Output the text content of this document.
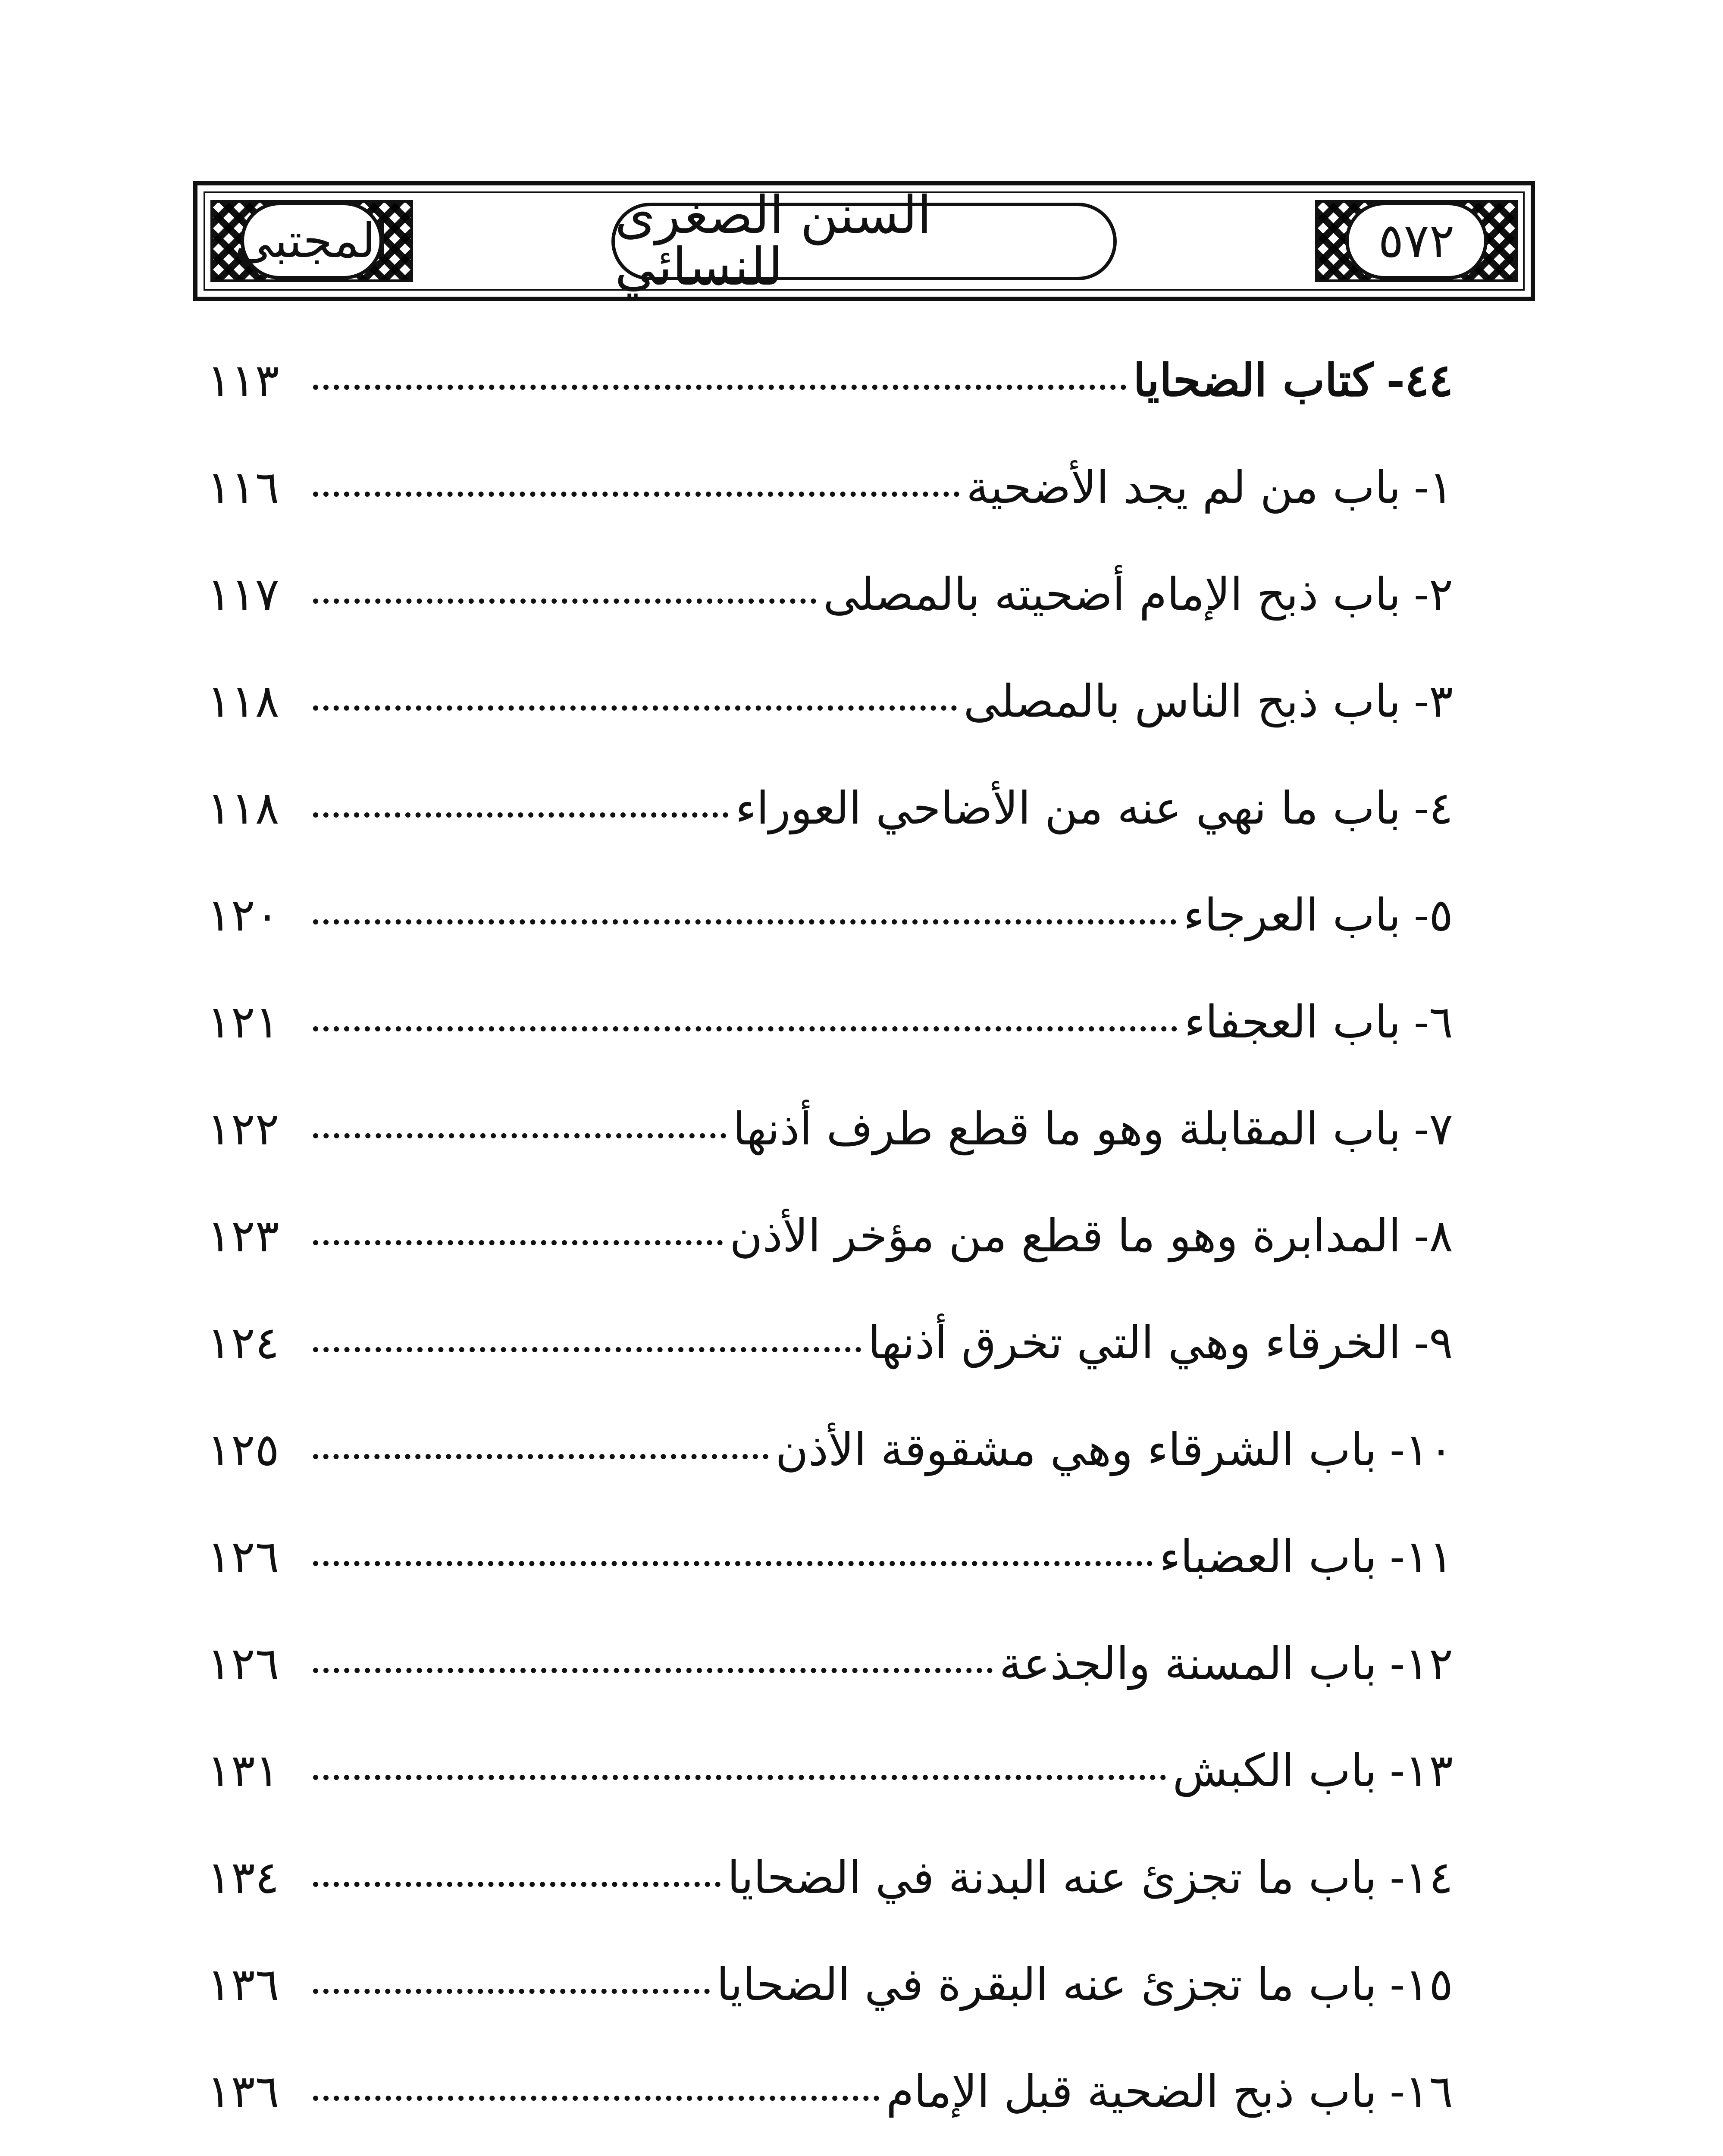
المجتبى	السنن الصغرى للنسائي	٥٧٢
٤٤-
كتاب الضحايا
١١٣
١-
باب من لم يجد الأضحية
١١٦
٢-
باب ذبح الإمام أضحيته بالمصلى
١١٧
٣-
باب ذبح الناس بالمصلى
١١٨
٤-
باب ما نهي عنه من الأضاحي العوراء
١١٨
٥-
باب العرجاء
١٢٠
٦-
باب العجفاء
١٢١
٧-
باب المقابلة وهو ما قطع طرف أذنها
١٢٢
٨-
المدابرة وهو ما قطع من مؤخر الأذن
١٢٣
٩-
الخرقاء وهي التي تخرق أذنها
١٢٤
١٠-
باب الشرقاء وهي مشقوقة الأذن
١٢٥
١١-
باب العضباء
١٢٦
١٢-
باب المسنة والجذعة
١٢٦
١٣-
باب الكبش
١٣١
١٤-
باب ما تجزئ عنه البدنة في الضحايا
١٣٤
١٥-
باب ما تجزئ عنه البقرة في الضحايا
١٣٦
١٦-
باب ذبح الضحية قبل الإمام
١٣٦
